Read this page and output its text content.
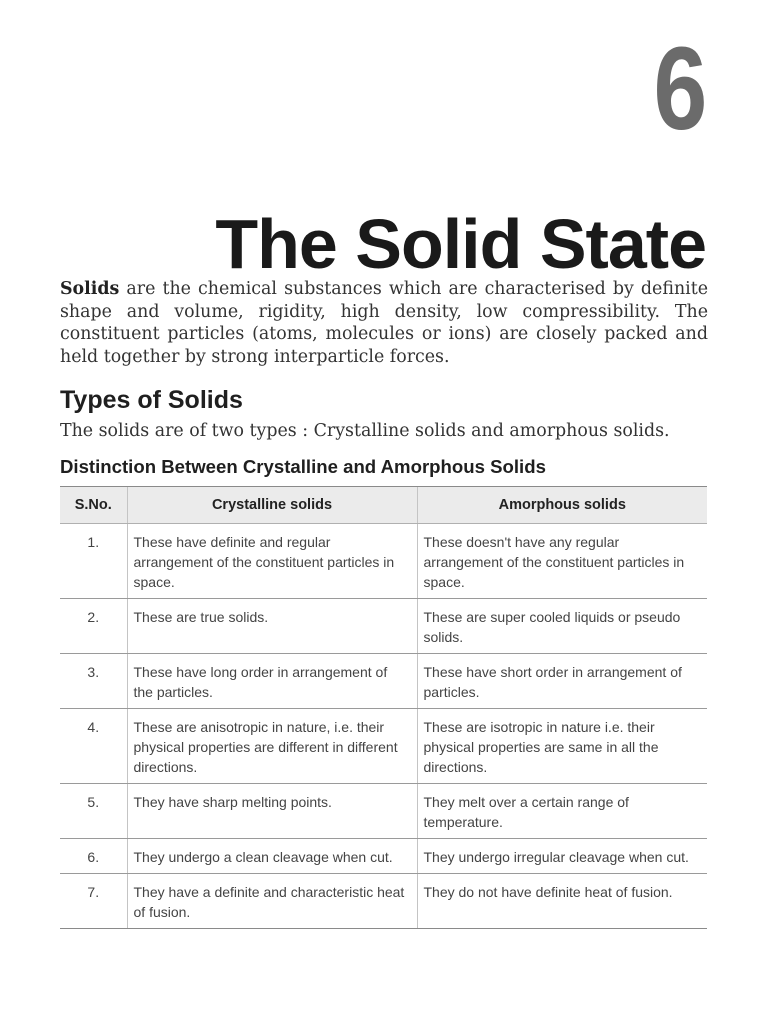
6
The Solid State

Solids are the chemical substances which are characterised by definite shape and volume, rigidity, high density, low compressibility. The constituent particles (atoms, molecules or ions) are closely packed and held together by strong interparticle forces.

Types of Solids

The solids are of two types : Crystalline solids and amorphous solids.

Distinction Between Crystalline and Amorphous Solids
S.No.	Crystalline solids	Amorphous solids
1.	These have definite and regular arrangement of the constituent particles in space.	These doesn't have any regular arrangement of the constituent particles in space.
2.	These are true solids.	These are super cooled liquids or pseudo solids.
3.	These have long order in arrangement of the particles.	These have short order in arrangement of particles.
4.	These are anisotropic in nature, i.e. their physical properties are different in different directions.	These are isotropic in nature i.e. their physical properties are same in all the directions.
5.	They have sharp melting points.	They melt over a certain range of temperature.
6.	They undergo a clean cleavage when cut.	They undergo irregular cleavage when cut.
7.	They have a definite and characteristic heat of fusion.	They do not have definite heat of fusion.
